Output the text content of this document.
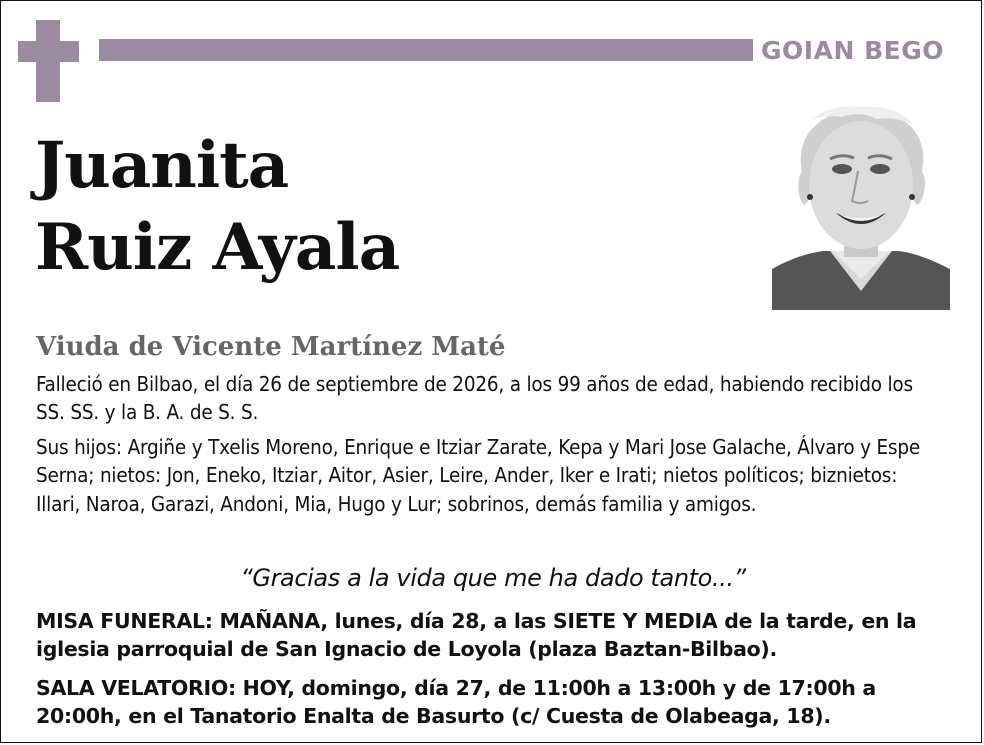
GOIAN BEGO
Juanita
Ruiz Ayala
Viuda de Vicente Martínez Maté

Falleció en Bilbao, el día 26 de septiembre de 2026, a los 99 años de edad, habiendo recibido los SS. SS. y la B. A. de S. S.

Sus hijos: Argiñe y Txelis Moreno, Enrique e Itziar Zarate, Kepa y Mari Jose Galache, Álvaro y Espe Serna; nietos: Jon, Eneko, Itziar, Aitor, Asier, Leire, Ander, Iker e Irati; nietos políticos; biznietos: Illari, Naroa, Garazi, Andoni, Mia, Hugo y Lur; sobrinos, demás familia y amigos.

“Gracias a la vida que me ha dado tanto...”

MISA FUNERAL: MAÑANA, lunes, día 28, a las SIETE Y MEDIA de la tarde, en la iglesia parroquial de San Ignacio de Loyola (plaza Baztan-Bilbao).

SALA VELATORIO: HOY, domingo, día 27, de 11:00h a 13:00h y de 17:00h a 20:00h, en el Tanatorio Enalta de Basurto (c/ Cuesta de Olabeaga, 18).
